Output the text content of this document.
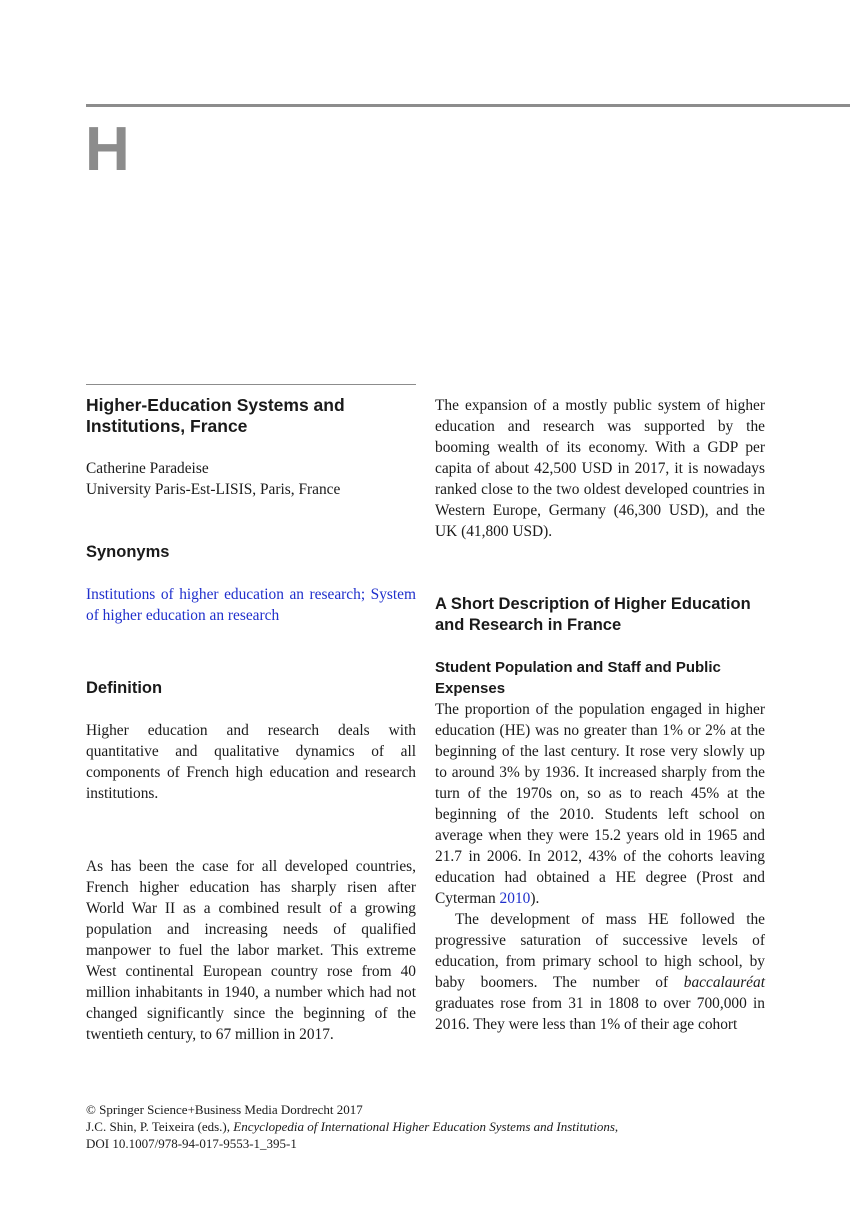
H
Higher-Education Systems and Institutions, France
Catherine Paradeise
University Paris-Est-LISIS, Paris, France
Synonyms

Institutions of higher education an research; System of higher education an research

Definition

Higher education and research deals with quantitative and qualitative dynamics of all components of French high education and research institutions.

As has been the case for all developed countries, French higher education has sharply risen after World War II as a combined result of a growing population and increasing needs of qualified manpower to fuel the labor market. This extreme West continental European country rose from 40 million inhabitants in 1940, a number which had not changed significantly since the beginning of the twentieth century, to 67 million in 2017.

The expansion of a mostly public system of higher education and research was supported by the booming wealth of its economy. With a GDP per capita of about 42,500 USD in 2017, it is nowadays ranked close to the two oldest developed countries in Western Europe, Germany (46,300 USD), and the UK (41,800 USD).

A Short Description of Higher Education and Research in France
Student Population and Staff and Public Expenses

The proportion of the population engaged in higher education (HE) was no greater than 1% or 2% at the beginning of the last century. It rose very slowly up to around 3% by 1936. It increased sharply from the turn of the 1970s on, so as to reach 45% at the beginning of the 2010. Students left school on average when they were 15.2 years old in 1965 and 21.7 in 2006. In 2012, 43% of the cohorts leaving education had obtained a HE degree (Prost and Cyterman 2010).

The development of mass HE followed the progressive saturation of successive levels of education, from primary school to high school, by baby boomers. The number of baccalauréat graduates rose from 31 in 1808 to over 700,000 in 2016. They were less than 1% of their age cohort

© Springer Science+Business Media Dordrecht 2017
J.C. Shin, P. Teixeira (eds.), Encyclopedia of International Higher Education Systems and Institutions,
DOI 10.1007/978-94-017-9553-1_395-1
